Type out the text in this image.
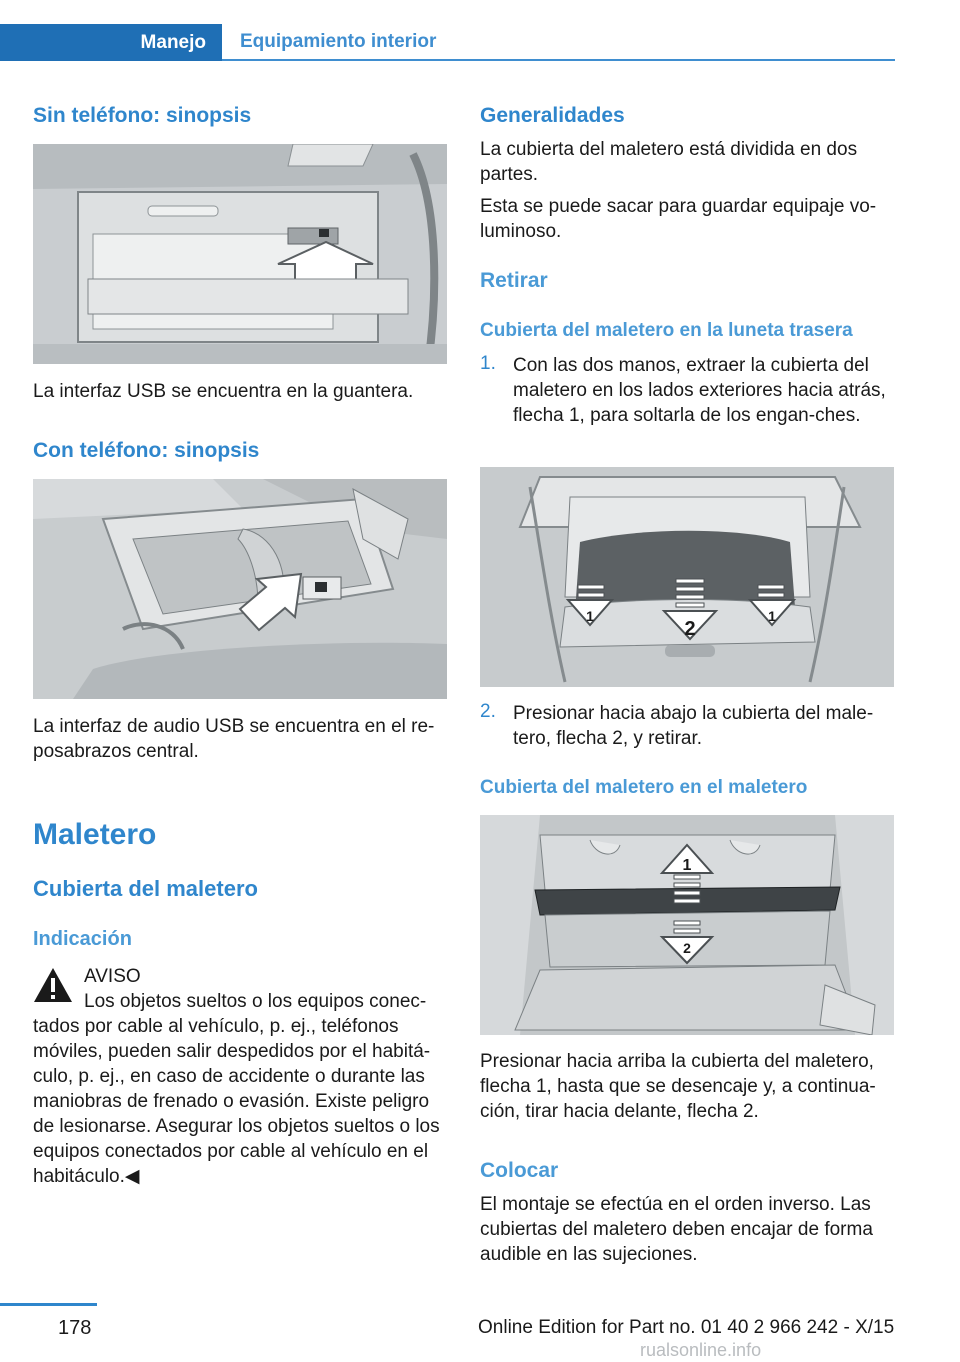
Manejo	Equipamiento interior
Sin teléfono: sinopsis
La interfaz USB se encuentra en la guantera.
Con teléfono: sinopsis
La interfaz de audio USB se encuentra en el re-posabrazos central.
Maletero
Cubierta del maletero
Indicación
AVISO
Los objetos sueltos o los equipos conec-tados por cable al vehículo, p. ej., teléfonos móviles, pueden salir despedidos por el habitá-culo, p. ej., en caso de accidente o durante las maniobras de frenado o evasión. Existe peligro de lesionarse. Asegurar los objetos sueltos o los equipos conectados por cable al vehículo en el habitáculo.◀
Generalidades
La cubierta del maletero está dividida en dos partes.
Esta se puede sacar para guardar equipaje vo-luminoso.
Retirar
Cubierta del maletero en la luneta trasera
1. Con las dos manos, extraer la cubierta del maletero en los lados exteriores hacia atrás, flecha 1, para soltarla de los engan-ches.
2
1	1
2. Presionar hacia abajo la cubierta del male-tero, flecha 2, y retirar.
Cubierta del maletero en el maletero
1
2
Presionar hacia arriba la cubierta del maletero, flecha 1, hasta que se desencaje y, a continua-ción, tirar hacia delante, flecha 2.
Colocar
El montaje se efectúa en el orden inverso. Las cubiertas del maletero deben encajar de forma audible en las sujeciones.
178	Online Edition for Part no. 01 40 2 966 242 - X/15
rualsonline.info
